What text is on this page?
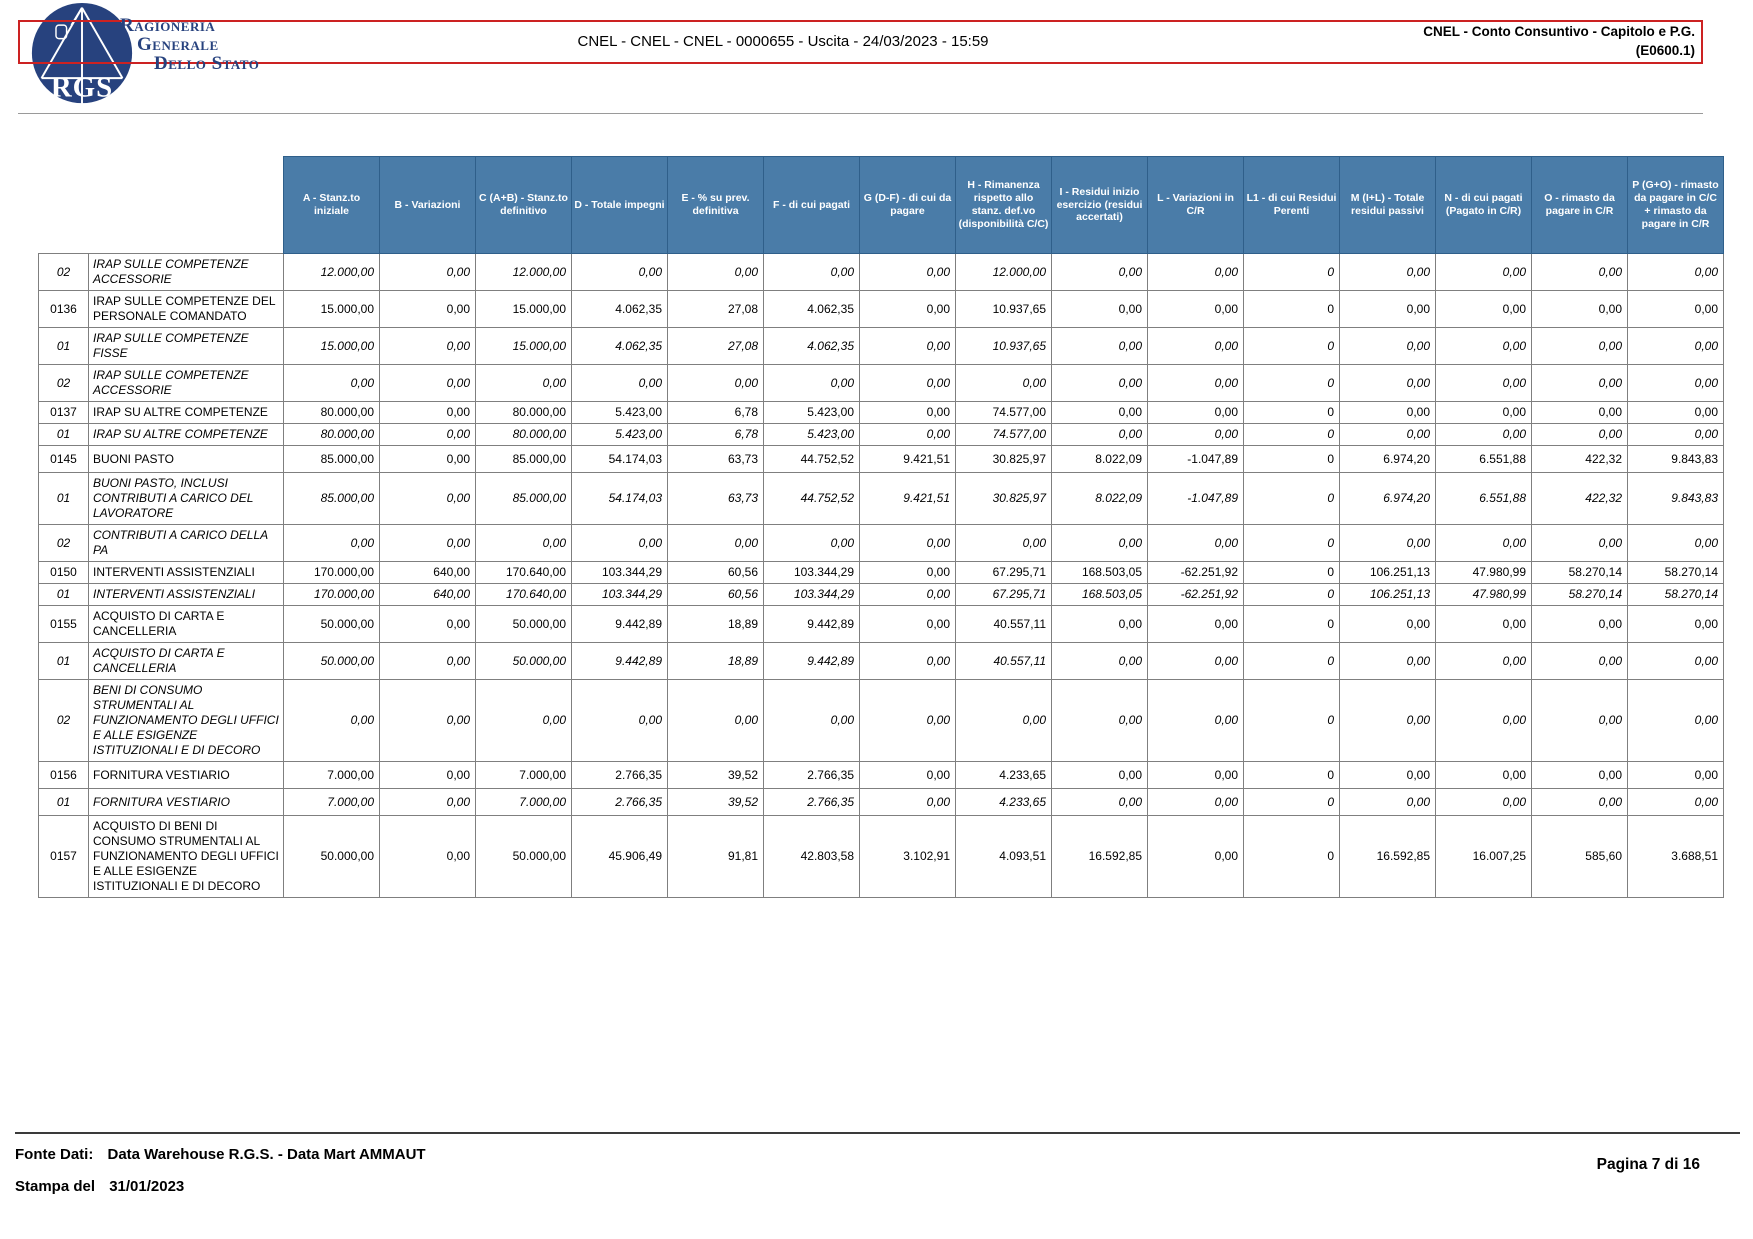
RGS
Ragioneria
Generale
Dello Stato
CNEL - CNEL - CNEL - 0000655 - Uscita - 24/03/2023 - 15:59
CNEL - Conto Consuntivo - Capitolo e P.G.
(E0600.1)
		A - Stanz.to iniziale	B - Variazioni	C (A+B) - Stanz.to definitivo	D - Totale impegni	E - % su prev. definitiva	F - di cui pagati	G (D-F) - di cui da pagare	H - Rimanenza rispetto allo stanz. def.vo (disponibilità C/C)	I - Residui inizio esercizio (residui accertati)	L - Variazioni in C/R	L1 - di cui Residui Perenti	M (I+L) - Totale residui passivi	N - di cui pagati (Pagato in C/R)	O - rimasto da pagare in C/R	P (G+O) - rimasto da pagare in C/C + rimasto da pagare in C/R
02	IRAP SULLE COMPETENZE ACCESSORIE	12.000,00	0,00	12.000,00	0,00	0,00	0,00	0,00	12.000,00	0,00	0,00	0	0,00	0,00	0,00	0,00
0136	IRAP SULLE COMPETENZE DEL PERSONALE COMANDATO	15.000,00	0,00	15.000,00	4.062,35	27,08	4.062,35	0,00	10.937,65	0,00	0,00	0	0,00	0,00	0,00	0,00
01	IRAP SULLE COMPETENZE FISSE	15.000,00	0,00	15.000,00	4.062,35	27,08	4.062,35	0,00	10.937,65	0,00	0,00	0	0,00	0,00	0,00	0,00
02	IRAP SULLE COMPETENZE ACCESSORIE	0,00	0,00	0,00	0,00	0,00	0,00	0,00	0,00	0,00	0,00	0	0,00	0,00	0,00	0,00
0137	IRAP SU ALTRE COMPETENZE	80.000,00	0,00	80.000,00	5.423,00	6,78	5.423,00	0,00	74.577,00	0,00	0,00	0	0,00	0,00	0,00	0,00
01	IRAP SU ALTRE COMPETENZE	80.000,00	0,00	80.000,00	5.423,00	6,78	5.423,00	0,00	74.577,00	0,00	0,00	0	0,00	0,00	0,00	0,00
0145	BUONI PASTO	85.000,00	0,00	85.000,00	54.174,03	63,73	44.752,52	9.421,51	30.825,97	8.022,09	-1.047,89	0	6.974,20	6.551,88	422,32	9.843,83
01	BUONI PASTO, INCLUSI CONTRIBUTI A CARICO DEL LAVORATORE	85.000,00	0,00	85.000,00	54.174,03	63,73	44.752,52	9.421,51	30.825,97	8.022,09	-1.047,89	0	6.974,20	6.551,88	422,32	9.843,83
02	CONTRIBUTI A CARICO DELLA PA	0,00	0,00	0,00	0,00	0,00	0,00	0,00	0,00	0,00	0,00	0	0,00	0,00	0,00	0,00
0150	INTERVENTI ASSISTENZIALI	170.000,00	640,00	170.640,00	103.344,29	60,56	103.344,29	0,00	67.295,71	168.503,05	-62.251,92	0	106.251,13	47.980,99	58.270,14	58.270,14
01	INTERVENTI ASSISTENZIALI	170.000,00	640,00	170.640,00	103.344,29	60,56	103.344,29	0,00	67.295,71	168.503,05	-62.251,92	0	106.251,13	47.980,99	58.270,14	58.270,14
0155	ACQUISTO DI CARTA E CANCELLERIA	50.000,00	0,00	50.000,00	9.442,89	18,89	9.442,89	0,00	40.557,11	0,00	0,00	0	0,00	0,00	0,00	0,00
01	ACQUISTO DI CARTA E CANCELLERIA	50.000,00	0,00	50.000,00	9.442,89	18,89	9.442,89	0,00	40.557,11	0,00	0,00	0	0,00	0,00	0,00	0,00
02	BENI DI CONSUMO STRUMENTALI AL FUNZIONAMENTO DEGLI UFFICI E ALLE ESIGENZE ISTITUZIONALI E DI DECORO	0,00	0,00	0,00	0,00	0,00	0,00	0,00	0,00	0,00	0,00	0	0,00	0,00	0,00	0,00
0156	FORNITURA VESTIARIO	7.000,00	0,00	7.000,00	2.766,35	39,52	2.766,35	0,00	4.233,65	0,00	0,00	0	0,00	0,00	0,00	0,00
01	FORNITURA VESTIARIO	7.000,00	0,00	7.000,00	2.766,35	39,52	2.766,35	0,00	4.233,65	0,00	0,00	0	0,00	0,00	0,00	0,00
0157	ACQUISTO DI BENI DI CONSUMO STRUMENTALI AL FUNZIONAMENTO DEGLI UFFICI E ALLE ESIGENZE ISTITUZIONALI E DI DECORO	50.000,00	0,00	50.000,00	45.906,49	91,81	42.803,58	3.102,91	4.093,51	16.592,85	0,00	0	16.592,85	16.007,25	585,60	3.688,51
Fonte Dati: Data Warehouse R.G.S. - Data Mart AMMAUT
Stampa del 31/01/2023
Pagina 7 di 16
